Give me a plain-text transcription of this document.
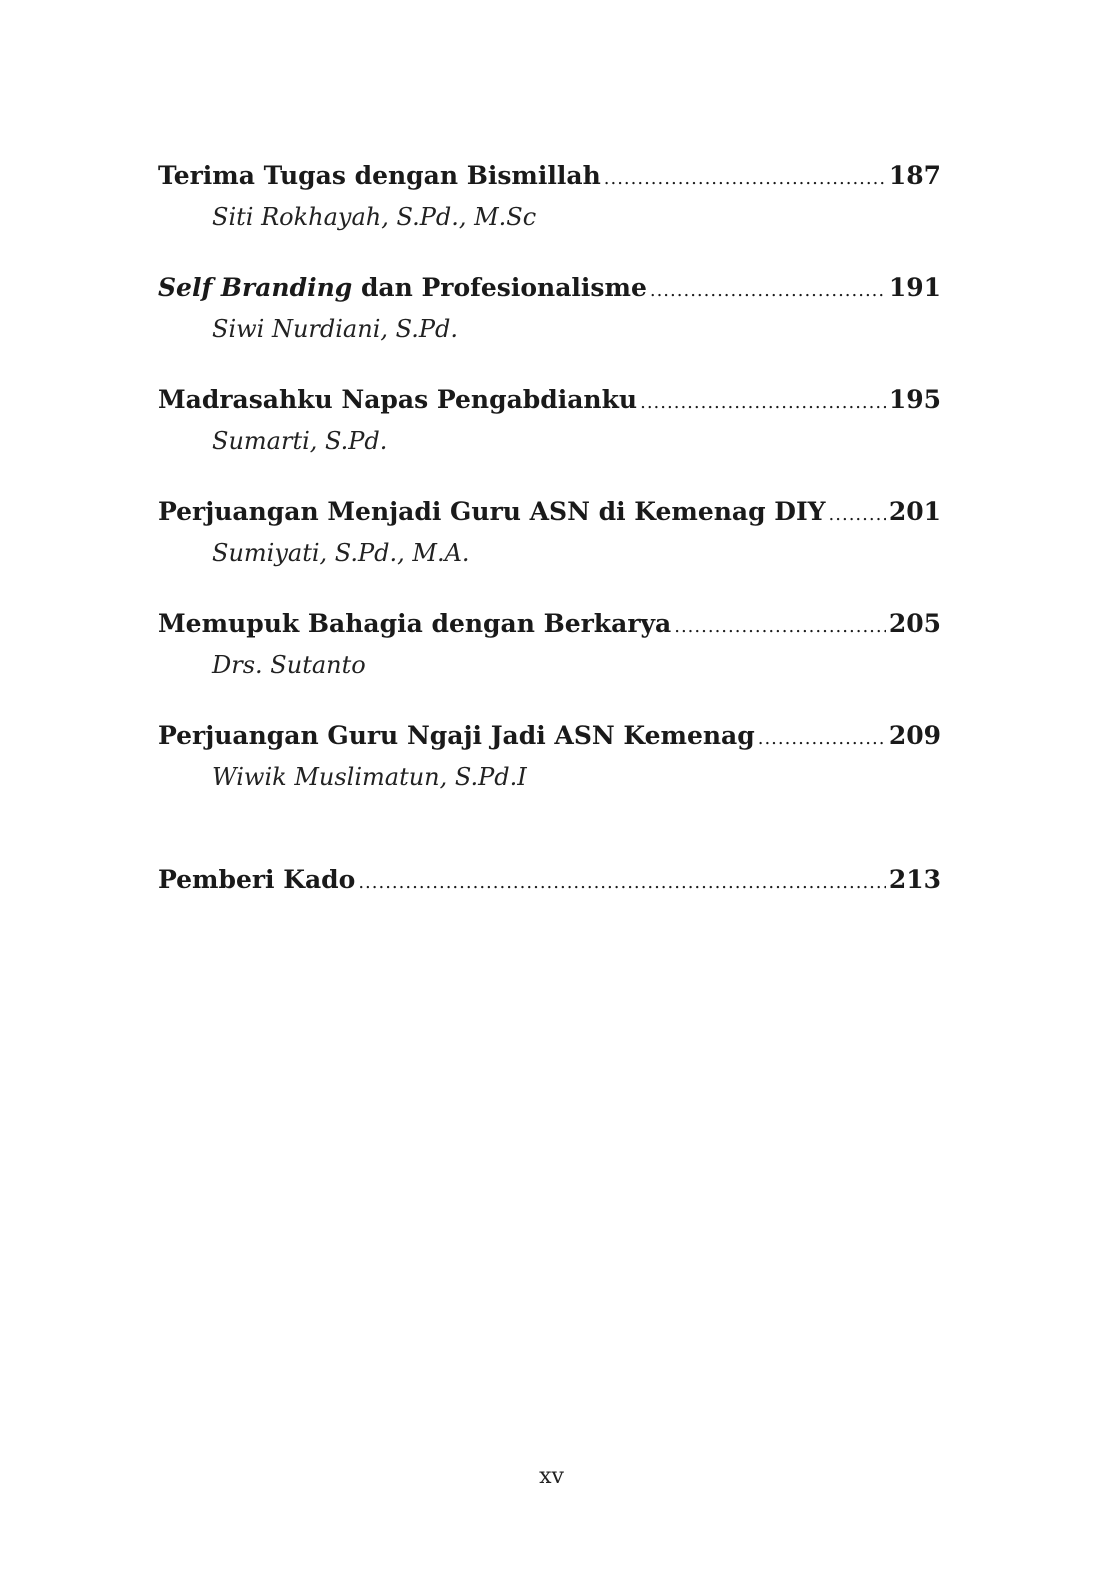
Terima Tugas dengan Bismillah .....	187
Siti Rokhayah, S.Pd., M.Sc
Self Branding dan Profesionalisme .....	191
Siwi Nurdiani, S.Pd.
Madrasahku Napas Pengabdianku .....	195
Sumarti, S.Pd.
Perjuangan Menjadi Guru ASN di Kemenag DIY .....	201
Sumiyati, S.Pd., M.A.
Memupuk Bahagia dengan Berkarya .....	205
Drs. Sutanto
Perjuangan Guru Ngaji Jadi ASN Kemenag .....	209
Wiwik Muslimatun, S.Pd.I
Pemberi Kado .....	213
xv
